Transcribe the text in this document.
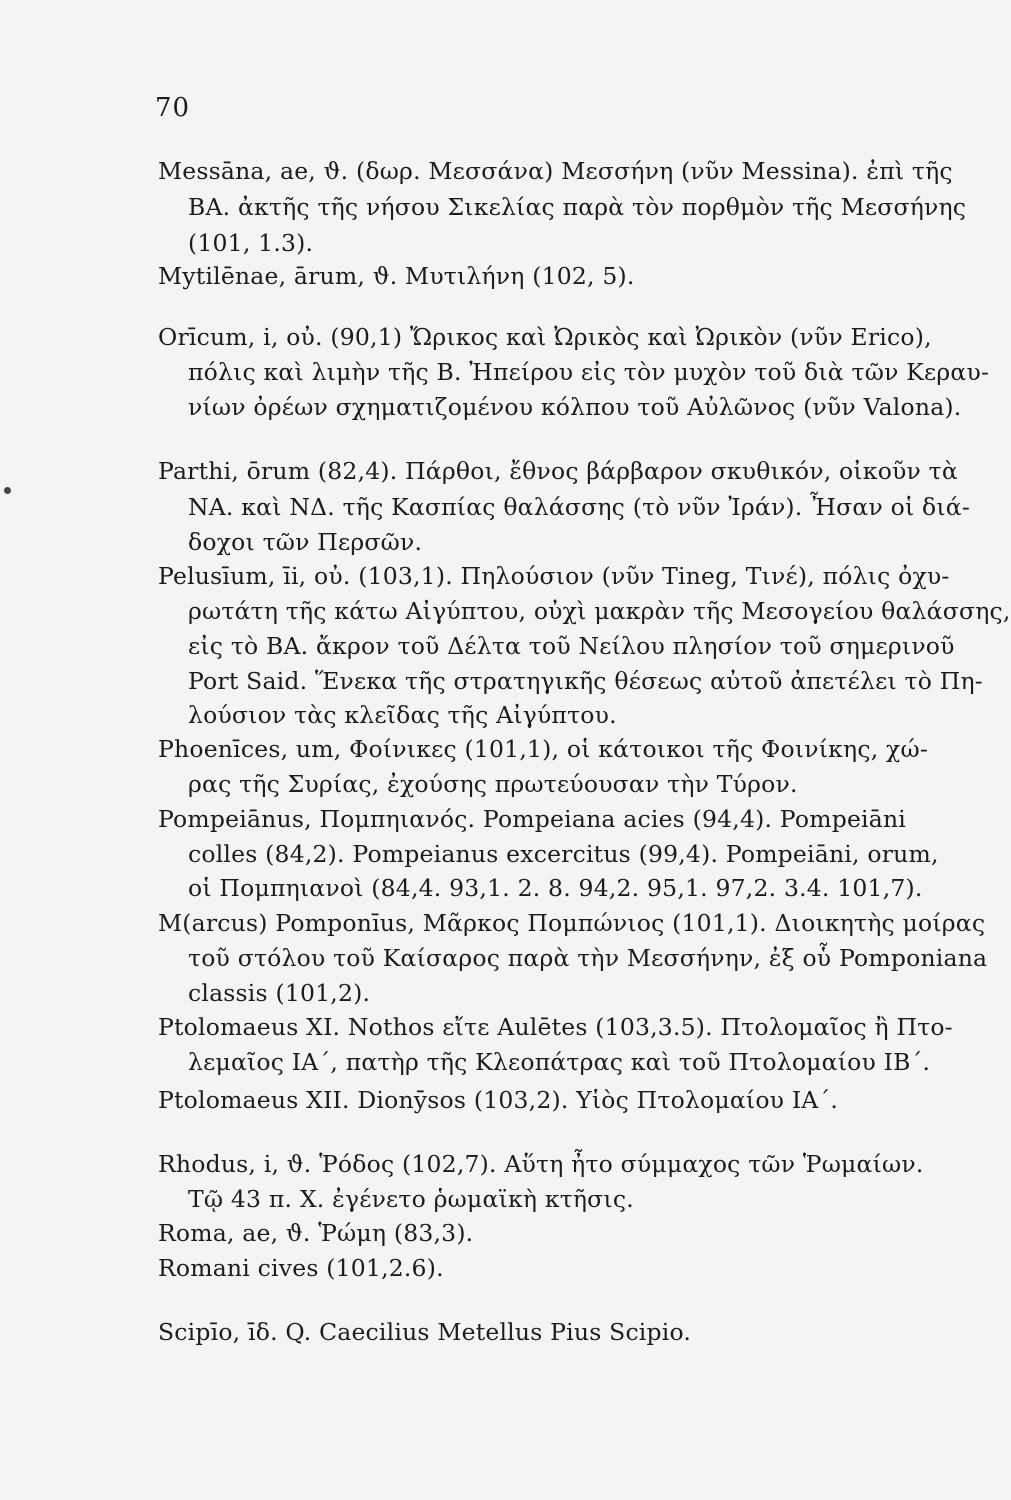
70
Messāna, ae, ϑ. (δωρ. Μεσσάνα) Μεσσήνη (νῦν Messina). ἐπὶ τῆς
ΒΑ. ἀκτῆς τῆς νήσου Σικελίας παρὰ τὸν πορθμὸν τῆς Μεσσήνης
(101, 1.3).
Mytilēnae, ārum, ϑ. Μυτιλήνη (102, 5).
Orīcum, i, οὐ. (90,1) Ὤρικος καὶ Ὠρικὸς καὶ Ὠρικὸν (νῦν Erico),
πόλις καὶ λιμὴν τῆς Β. Ἠπείρου εἰς τὸν μυχὸν τοῦ διὰ τῶν Κεραυ-
νίων ὀρέων σχηματιζομένου κόλπου τοῦ Αὐλῶνος (νῦν Valona).
Parthi, ōrum (82,4). Πάρθοι, ἔθνος βάρβαρον σκυθικόν, οἰκοῦν τὰ
ΝΑ. καὶ ΝΔ. τῆς Κασπίας θαλάσσης (τὸ νῦν Ἰράν). Ἦσαν οἱ διά-
δοχοι τῶν Περσῶν.
Pelusīum, īi, οὐ. (103,1). Πηλούσιον (νῦν Tineg, Τινέ), πόλις ὀχυ-
ρωτάτη τῆς κάτω Αἰγύπτου, οὐχὶ μακρὰν τῆς Μεσογείου θαλάσσης,
εἰς τὸ ΒΑ. ἄκρον τοῦ Δέλτα τοῦ Νείλου πλησίον τοῦ σημερινοῦ
Port Said. Ἕνεκα τῆς στρατηγικῆς θέσεως αὐτοῦ ἀπετέλει τὸ Πη-
λούσιον τὰς κλεῖδας τῆς Αἰγύπτου.
Phoenīces, um, Φοίνικες (101,1), οἱ κάτοικοι τῆς Φοινίκης, χώ-
ρας τῆς Συρίας, ἐχούσης πρωτεύουσαν τὴν Τύρον.
Pompeiānus, Πομπηιανός. Pompeiana acies (94,4). Pompeiāni
colles (84,2). Pompeianus excercitus (99,4). Pompeiāni, orum,
οἱ Πομπηιανοὶ (84,4. 93,1. 2. 8. 94,2. 95,1. 97,2. 3.4. 101,7).
M(arcus) Pomponīus, Μᾶρκος Πομπώνιος (101,1). Διοικητὴς μοίρας
τοῦ στόλου τοῦ Καίσαρος παρὰ τὴν Μεσσήνην, ἐξ οὗ Pomponiana
classis (101,2).
Ptolomaeus XI. Nothos εἴτε Aulētes (103,3.5). Πτολομαῖος ἢ Πτο-
λεμαῖος ΙΑ΄, πατὴρ τῆς Κλεοπάτρας καὶ τοῦ Πτολομαίου ΙΒ΄.
Ptolomaeus XII. Dionȳsos (103,2). Υἱὸς Πτολομαίου ΙΑ΄.
Rhodus, i, ϑ. Ῥόδος (102,7). Αὕτη ἦτο σύμμαχος τῶν Ῥωμαίων.
Τῷ 43 π. Χ. ἐγένετο ῥωμαϊκὴ κτῆσις.
Roma, ae, ϑ. Ῥώμη (83,3).
Romani cives (101,2.6).
Scipīo, īδ. Q. Caecilius Metellus Pius Scipio.
